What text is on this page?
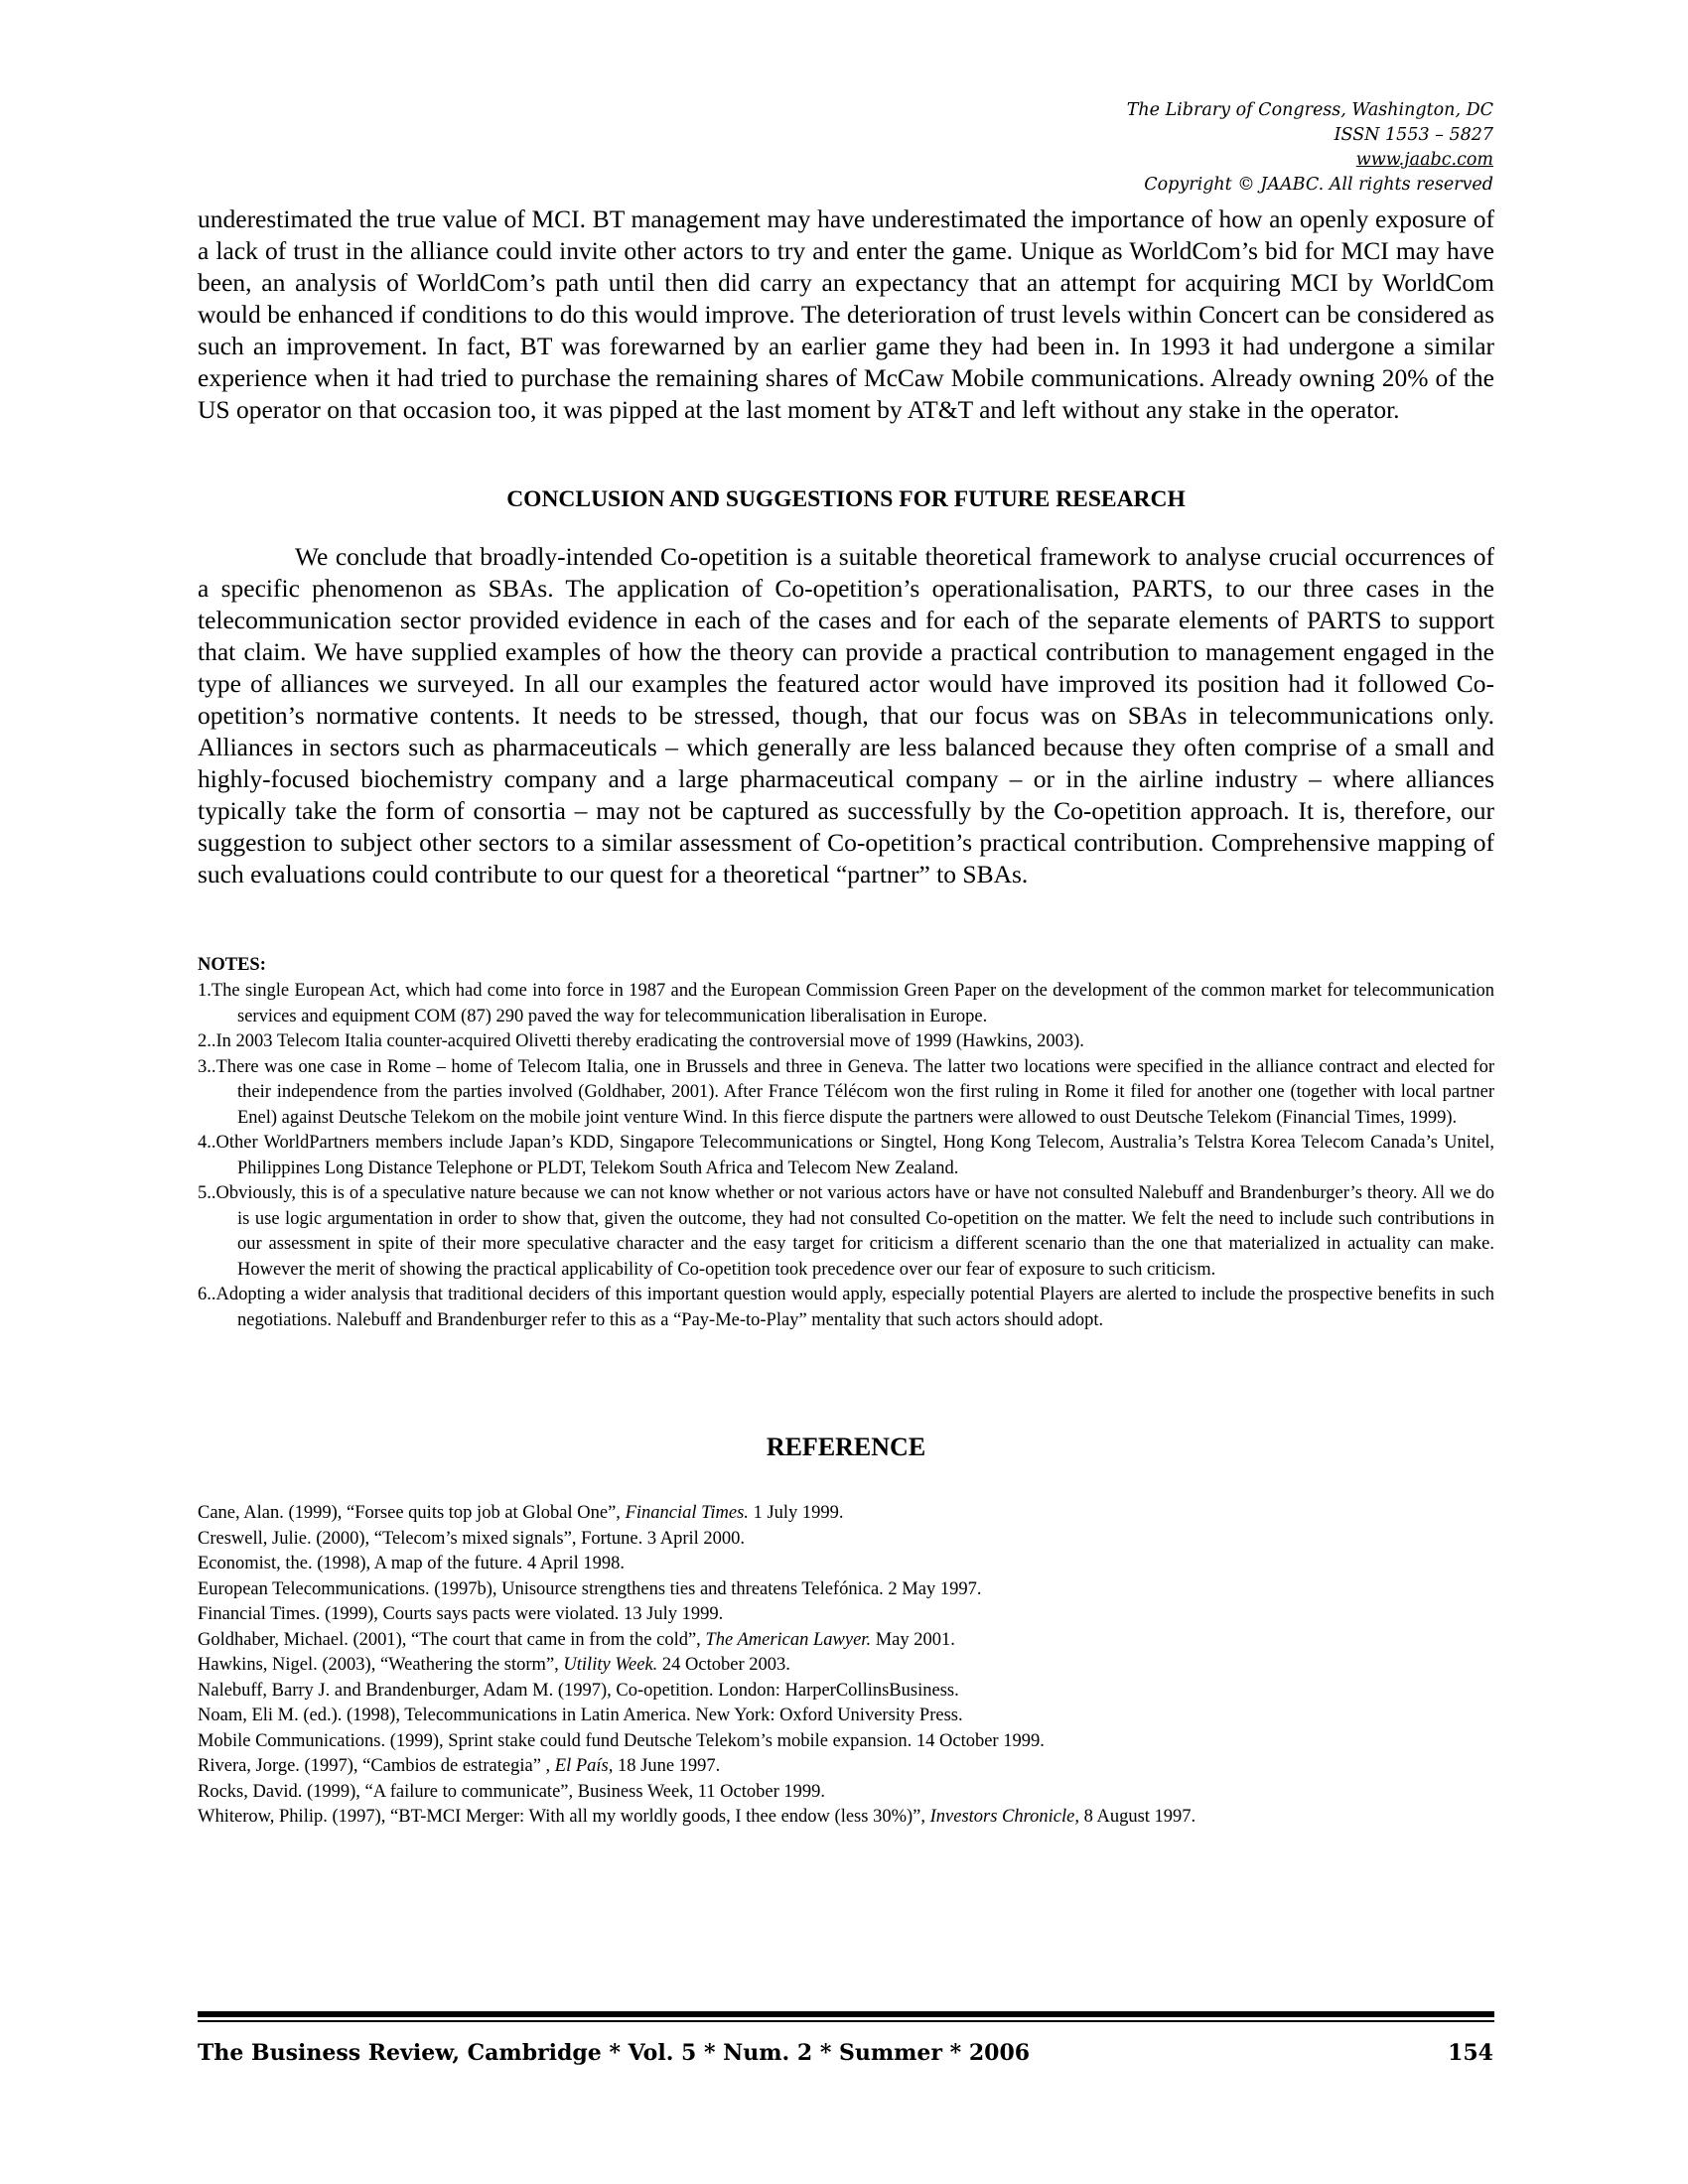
The Library of Congress, Washington, DC
ISSN 1553 – 5827
www.jaabc.com
Copyright © JAABC. All rights reserved

underestimated the true value of MCI. BT management may have underestimated the importance of how an openly exposure of a lack of trust in the alliance could invite other actors to try and enter the game. Unique as WorldCom’s bid for MCI may have been, an analysis of WorldCom’s path until then did carry an expectancy that an attempt for acquiring MCI by WorldCom would be enhanced if conditions to do this would improve. The deterioration of trust levels within Concert can be considered as such an improvement. In fact, BT was forewarned by an earlier game they had been in. In 1993 it had undergone a similar experience when it had tried to purchase the remaining shares of McCaw Mobile communications. Already owning 20% of the US operator on that occasion too, it was pipped at the last moment by AT&T and left without any stake in the operator.

CONCLUSION AND SUGGESTIONS FOR FUTURE RESEARCH

We conclude that broadly-intended Co-opetition is a suitable theoretical framework to analyse crucial occurrences of a specific phenomenon as SBAs. The application of Co-opetition’s operationalisation, PARTS, to our three cases in the telecommunication sector provided evidence in each of the cases and for each of the separate elements of PARTS to support that claim. We have supplied examples of how the theory can provide a practical contribution to management engaged in the type of alliances we surveyed. In all our examples the featured actor would have improved its position had it followed Co-opetition’s normative contents. It needs to be stressed, though, that our focus was on SBAs in telecommunications only. Alliances in sectors such as pharmaceuticals – which generally are less balanced because they often comprise of a small and highly-focused biochemistry company and a large pharmaceutical company – or in the airline industry – where alliances typically take the form of consortia – may not be captured as successfully by the Co-opetition approach. It is, therefore, our suggestion to subject other sectors to a similar assessment of Co-opetition’s practical contribution. Comprehensive mapping of such evaluations could contribute to our quest for a theoretical “partner” to SBAs.

NOTES:

1.The single European Act, which had come into force in 1987 and the European Commission Green Paper on the development of the common market for telecommunication services and equipment COM (87) 290 paved the way for telecommunication liberalisation in Europe.

2..In 2003 Telecom Italia counter-acquired Olivetti thereby eradicating the controversial move of 1999 (Hawkins, 2003).

3..There was one case in Rome – home of Telecom Italia, one in Brussels and three in Geneva. The latter two locations were specified in the alliance contract and elected for their independence from the parties involved (Goldhaber, 2001). After France Télécom won the first ruling in Rome it filed for another one (together with local partner Enel) against Deutsche Telekom on the mobile joint venture Wind. In this fierce dispute the partners were allowed to oust Deutsche Telekom (Financial Times, 1999).

4..Other WorldPartners members include Japan’s KDD, Singapore Telecommunications or Singtel, Hong Kong Telecom, Australia’s Telstra Korea Telecom Canada’s Unitel, Philippines Long Distance Telephone or PLDT, Telekom South Africa and Telecom New Zealand.

5..Obviously, this is of a speculative nature because we can not know whether or not various actors have or have not consulted Nalebuff and Brandenburger’s theory. All we do is use logic argumentation in order to show that, given the outcome, they had not consulted Co-opetition on the matter. We felt the need to include such contributions in our assessment in spite of their more speculative character and the easy target for criticism a different scenario than the one that materialized in actuality can make. However the merit of showing the practical applicability of Co-opetition took precedence over our fear of exposure to such criticism.

6..Adopting a wider analysis that traditional deciders of this important question would apply, especially potential Players are alerted to include the prospective benefits in such negotiations. Nalebuff and Brandenburger refer to this as a “Pay-Me-to-Play” mentality that such actors should adopt.

REFERENCE

Cane, Alan. (1999), “Forsee quits top job at Global One”, Financial Times. 1 July 1999.

Creswell, Julie. (2000), “Telecom’s mixed signals”, Fortune. 3 April 2000.

Economist, the. (1998), A map of the future. 4 April 1998.

European Telecommunications. (1997b), Unisource strengthens ties and threatens Telefónica. 2 May 1997.

Financial Times. (1999), Courts says pacts were violated. 13 July 1999.

Goldhaber, Michael. (2001), “The court that came in from the cold”, The American Lawyer. May 2001.

Hawkins, Nigel. (2003), “Weathering the storm”, Utility Week. 24 October 2003.

Nalebuff, Barry J. and Brandenburger, Adam M. (1997), Co-opetition. London: HarperCollinsBusiness.

Noam, Eli M. (ed.). (1998), Telecommunications in Latin America. New York: Oxford University Press.

Mobile Communications. (1999), Sprint stake could fund Deutsche Telekom’s mobile expansion. 14 October 1999.

Rivera, Jorge. (1997), “Cambios de estrategia” , El País, 18 June 1997.

Rocks, David. (1999), “A failure to communicate”, Business Week, 11 October 1999.

Whiterow, Philip. (1997), “BT-MCI Merger: With all my worldly goods, I thee endow (less 30%)”, Investors Chronicle, 8 August 1997.

The Business Review, Cambridge * Vol. 5 * Num. 2 * Summer * 2006	154
